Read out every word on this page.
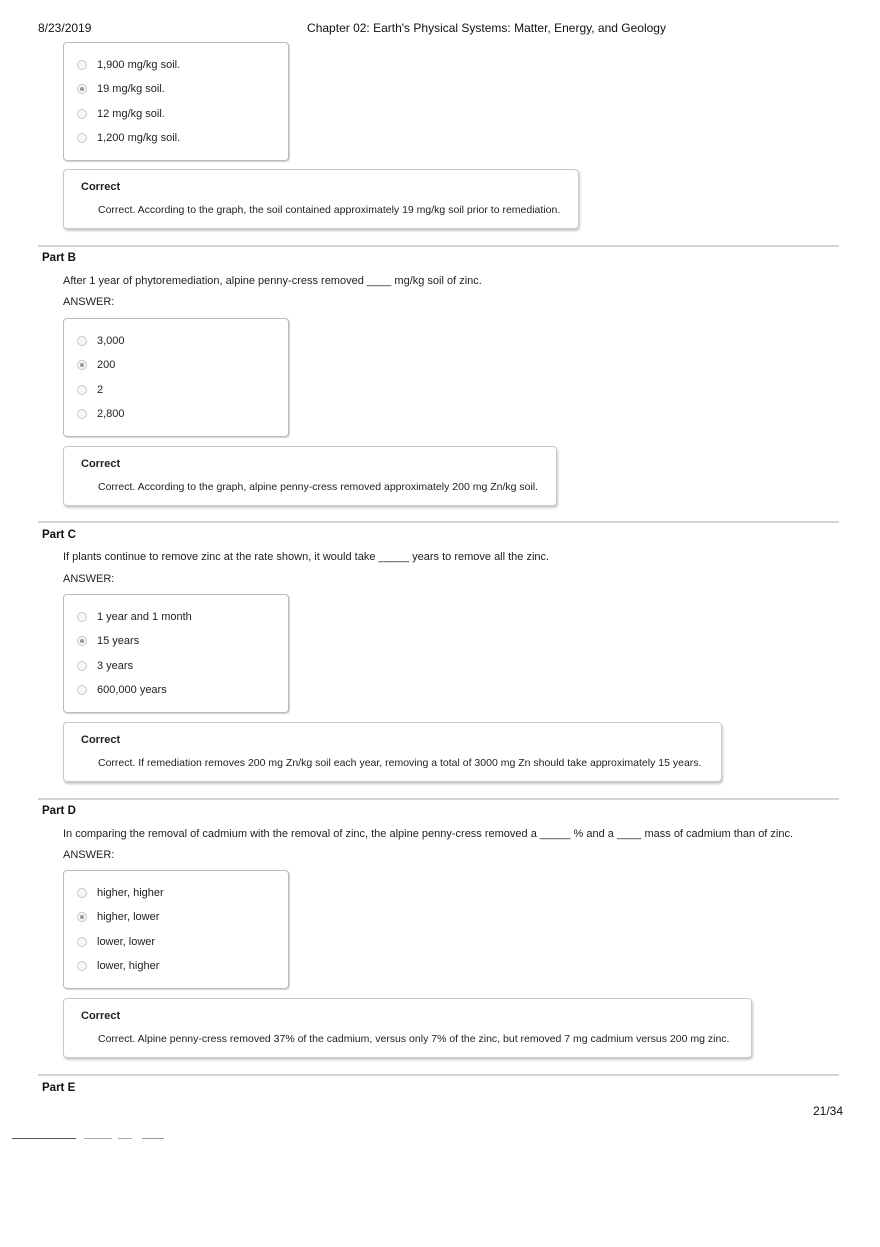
8/23/2019	Chapter 02: Earth's Physical Systems: Matter, Energy, and Geology
1,900 mg/kg soil.
19 mg/kg soil.
12 mg/kg soil.
1,200 mg/kg soil.
Correct
Correct. According to the graph, the soil contained approximately 19 mg/kg soil prior to remediation.
Part B
After 1 year of phytoremediation, alpine penny-cress removed ____ mg/kg soil of zinc.
ANSWER:
3,000
200
2
2,800
Correct
Correct. According to the graph, alpine penny-cress removed approximately 200 mg Zn/kg soil.
Part C
If plants continue to remove zinc at the rate shown, it would take _____ years to remove all the zinc.
ANSWER:
1 year and 1 month
15 years
3 years
600,000 years
Correct
Correct. If remediation removes 200 mg Zn/kg soil each year, removing a total of 3000 mg Zn should take approximately 15 years.
Part D
In comparing the removal of cadmium with the removal of zinc, the alpine penny-cress removed a _____ % and a ____ mass of cadmium than of zinc.
ANSWER:
higher, higher
higher, lower
lower, lower
lower, higher
Correct
Correct. Alpine penny-cress removed 37% of the cadmium, versus only 7% of the zinc, but removed 7 mg cadmium versus 200 mg zinc.
Part E
21/34
